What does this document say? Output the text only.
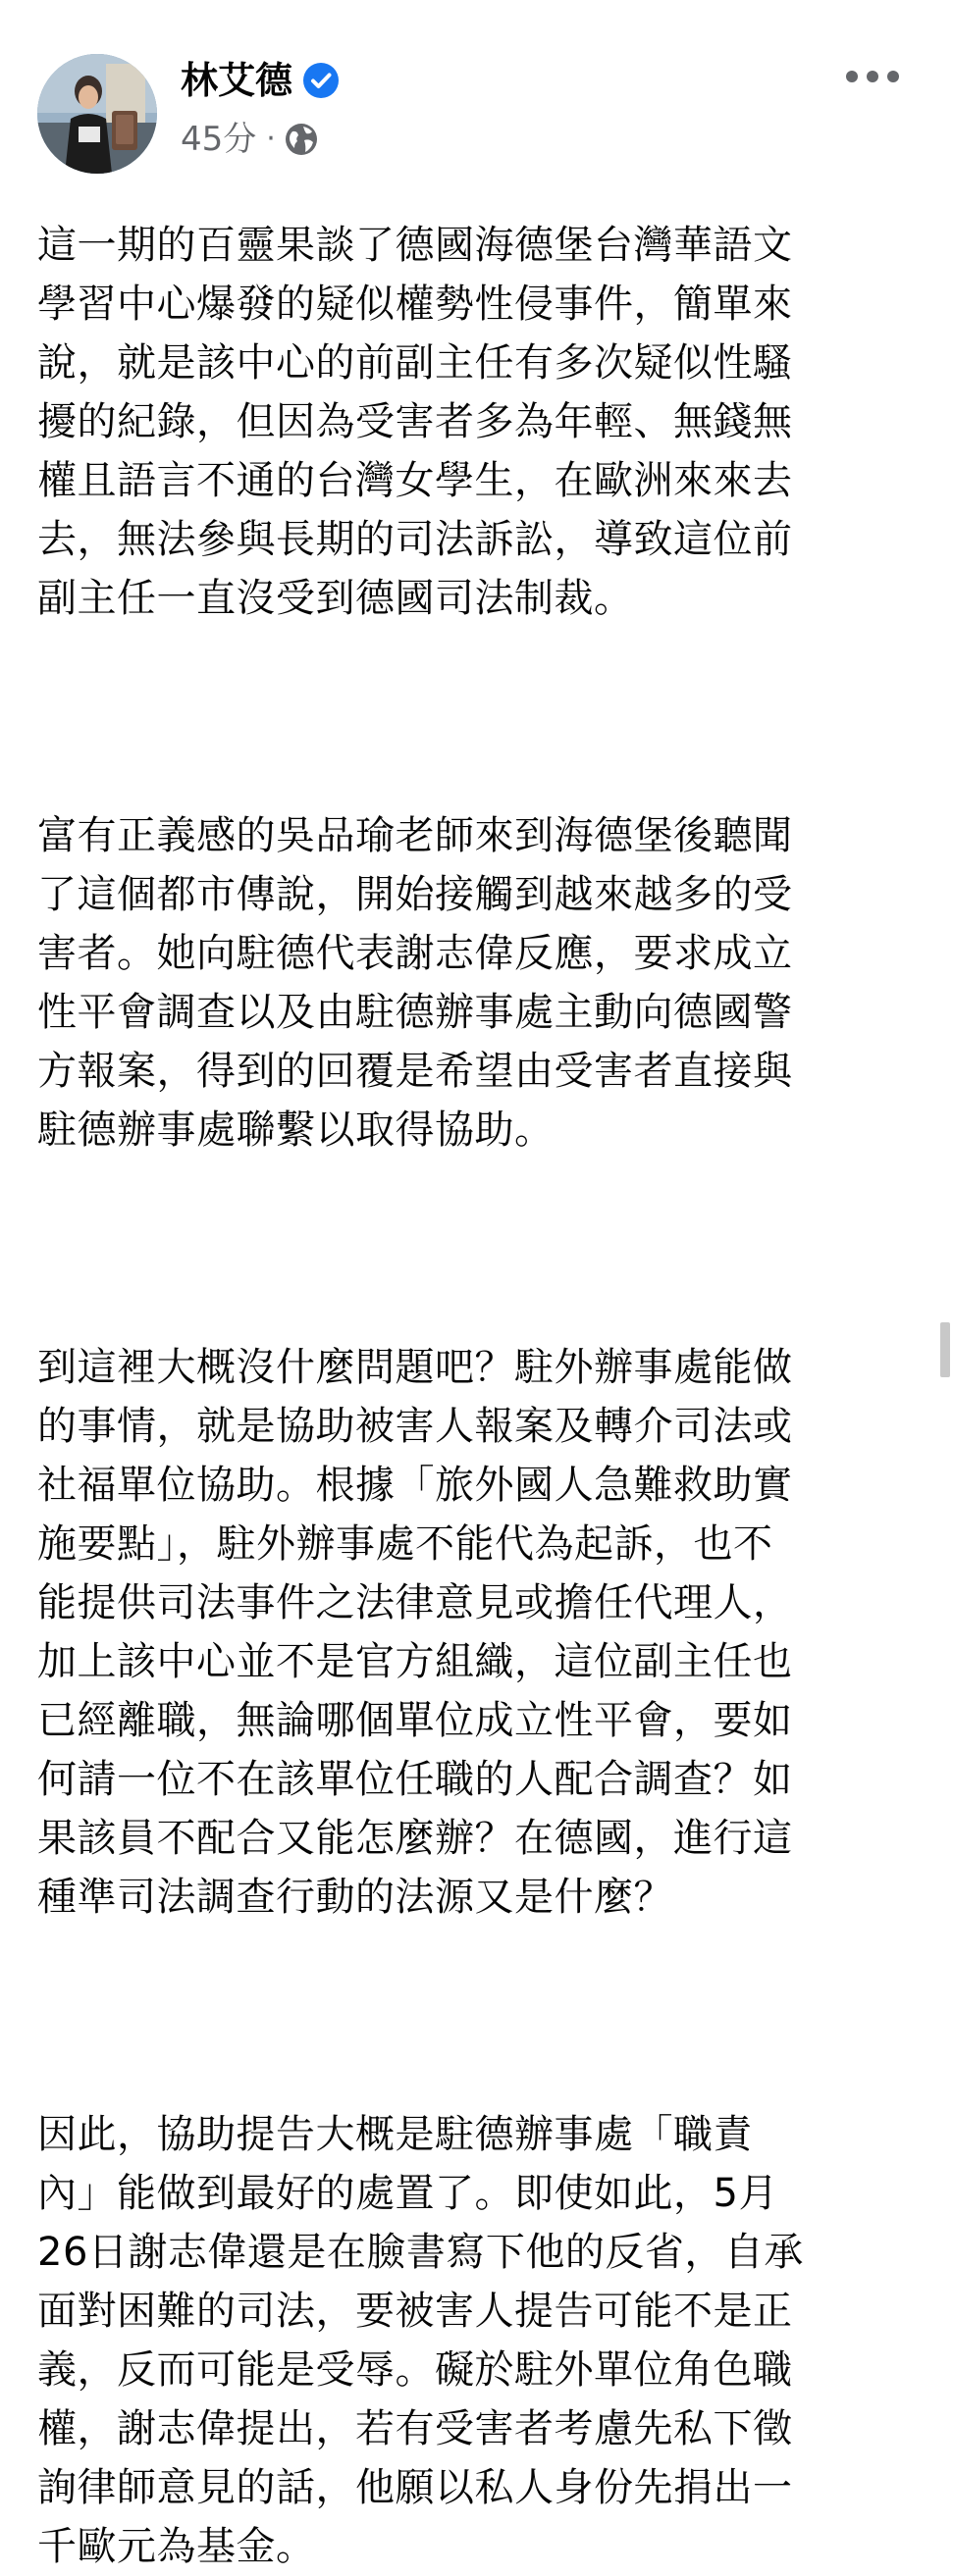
林艾德
45分 ·

這一期的百靈果談了德國海德堡台灣華語文
學習中心爆發的疑似權勢性侵事件，簡單來
說，就是該中心的前副主任有多次疑似性騷
擾的紀錄，但因為受害者多為年輕、無錢無
權且語言不通的台灣女學生，在歐洲來來去
去，無法參與長期的司法訴訟，導致這位前
副主任一直沒受到德國司法制裁。

富有正義感的吳品瑜老師來到海德堡後聽聞
了這個都市傳說，開始接觸到越來越多的受
害者。她向駐德代表謝志偉反應，要求成立
性平會調查以及由駐德辦事處主動向德國警
方報案，得到的回覆是希望由受害者直接與
駐德辦事處聯繫以取得協助。

到這裡大概沒什麼問題吧？駐外辦事處能做
的事情，就是協助被害人報案及轉介司法或
社福單位協助。根據「旅外國人急難救助實
施要點」，駐外辦事處不能代為起訴，也不
能提供司法事件之法律意見或擔任代理人，
加上該中心並不是官方組織，這位副主任也
已經離職，無論哪個單位成立性平會，要如
何請一位不在該單位任職的人配合調查？如
果該員不配合又能怎麼辦？在德國，進行這
種準司法調查行動的法源又是什麼？

因此，協助提告大概是駐德辦事處「職責
內」能做到最好的處置了。即使如此，5月
26日謝志偉還是在臉書寫下他的反省，自承
面對困難的司法，要被害人提告可能不是正
義，反而可能是受辱。礙於駐外單位角色職
權，謝志偉提出，若有受害者考慮先私下徵
詢律師意見的話，他願以私人身份先捐出一
千歐元為基金。
